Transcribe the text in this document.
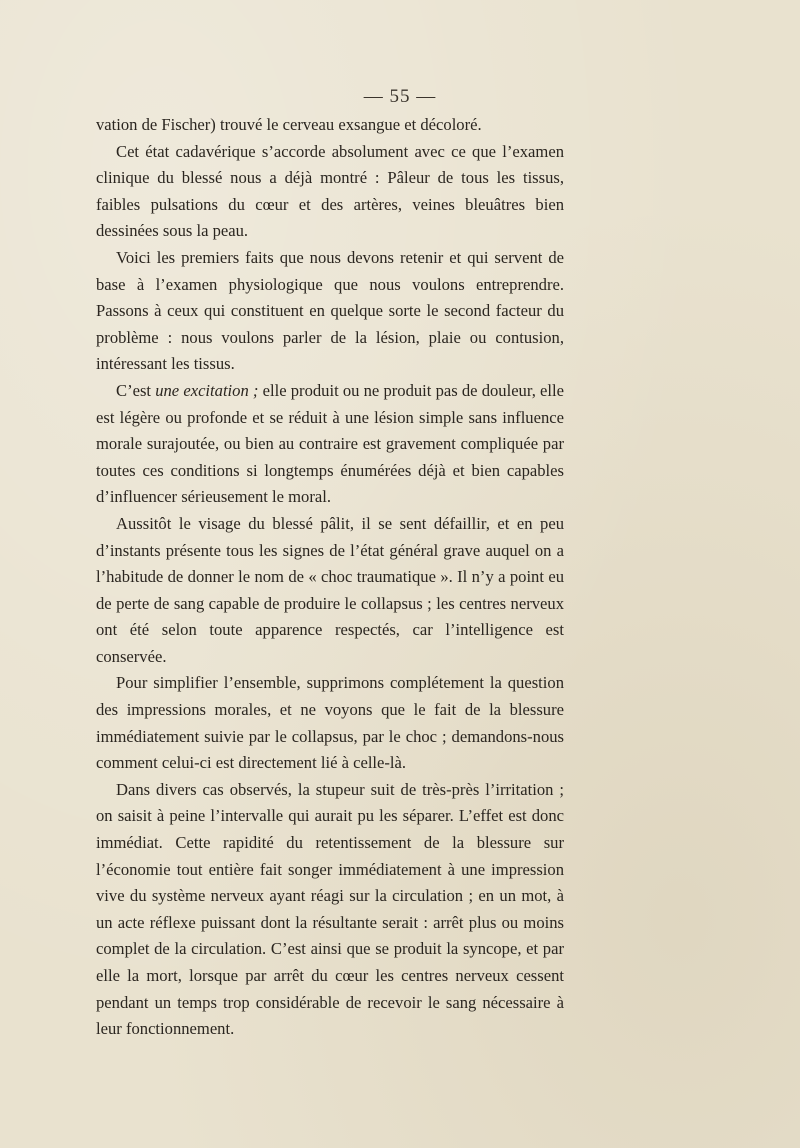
— 55 —

vation de Fischer) trouvé le cerveau exsangue et décoloré.

Cet état cadavérique s’accorde absolument avec ce que l’examen clinique du blessé nous a déjà montré : Pâleur de tous les tissus, faibles pulsations du cœur et des artères, veines bleuâtres bien dessinées sous la peau.

Voici les premiers faits que nous devons retenir et qui servent de base à l’examen physiologique que nous voulons entreprendre. Passons à ceux qui constituent en quelque sorte le second facteur du problème : nous voulons parler de la lésion, plaie ou contusion, intéressant les tissus.

C’est une excitation ; elle produit ou ne produit pas de douleur, elle est légère ou profonde et se réduit à une lésion simple sans influence morale surajoutée, ou bien au contraire est gravement compliquée par toutes ces conditions si longtemps énumérées déjà et bien capables d’influencer sérieusement le moral.

Aussitôt le visage du blessé pâlit, il se sent défaillir, et en peu d’instants présente tous les signes de l’état général grave auquel on a l’habitude de donner le nom de « choc traumatique ». Il n’y a point eu de perte de sang capable de produire le collapsus ; les centres nerveux ont été selon toute apparence respectés, car l’intelligence est conservée.

Pour simplifier l’ensemble, supprimons complétement la question des impressions morales, et ne voyons que le fait de la blessure immédiatement suivie par le collapsus, par le choc ; demandons-nous comment celui-ci est directement lié à celle-là.

Dans divers cas observés, la stupeur suit de très-près l’irritation ; on saisit à peine l’intervalle qui aurait pu les séparer. L’effet est donc immédiat. Cette rapidité du retentissement de la blessure sur l’économie tout entière fait songer immédiatement à une impression vive du système nerveux ayant réagi sur la circulation ; en un mot, à un acte réflexe puissant dont la résultante serait : arrêt plus ou moins complet de la circulation. C’est ainsi que se produit la syncope, et par elle la mort, lorsque par arrêt du cœur les centres nerveux cessent pendant un temps trop considérable de recevoir le sang nécessaire à leur fonctionnement.
